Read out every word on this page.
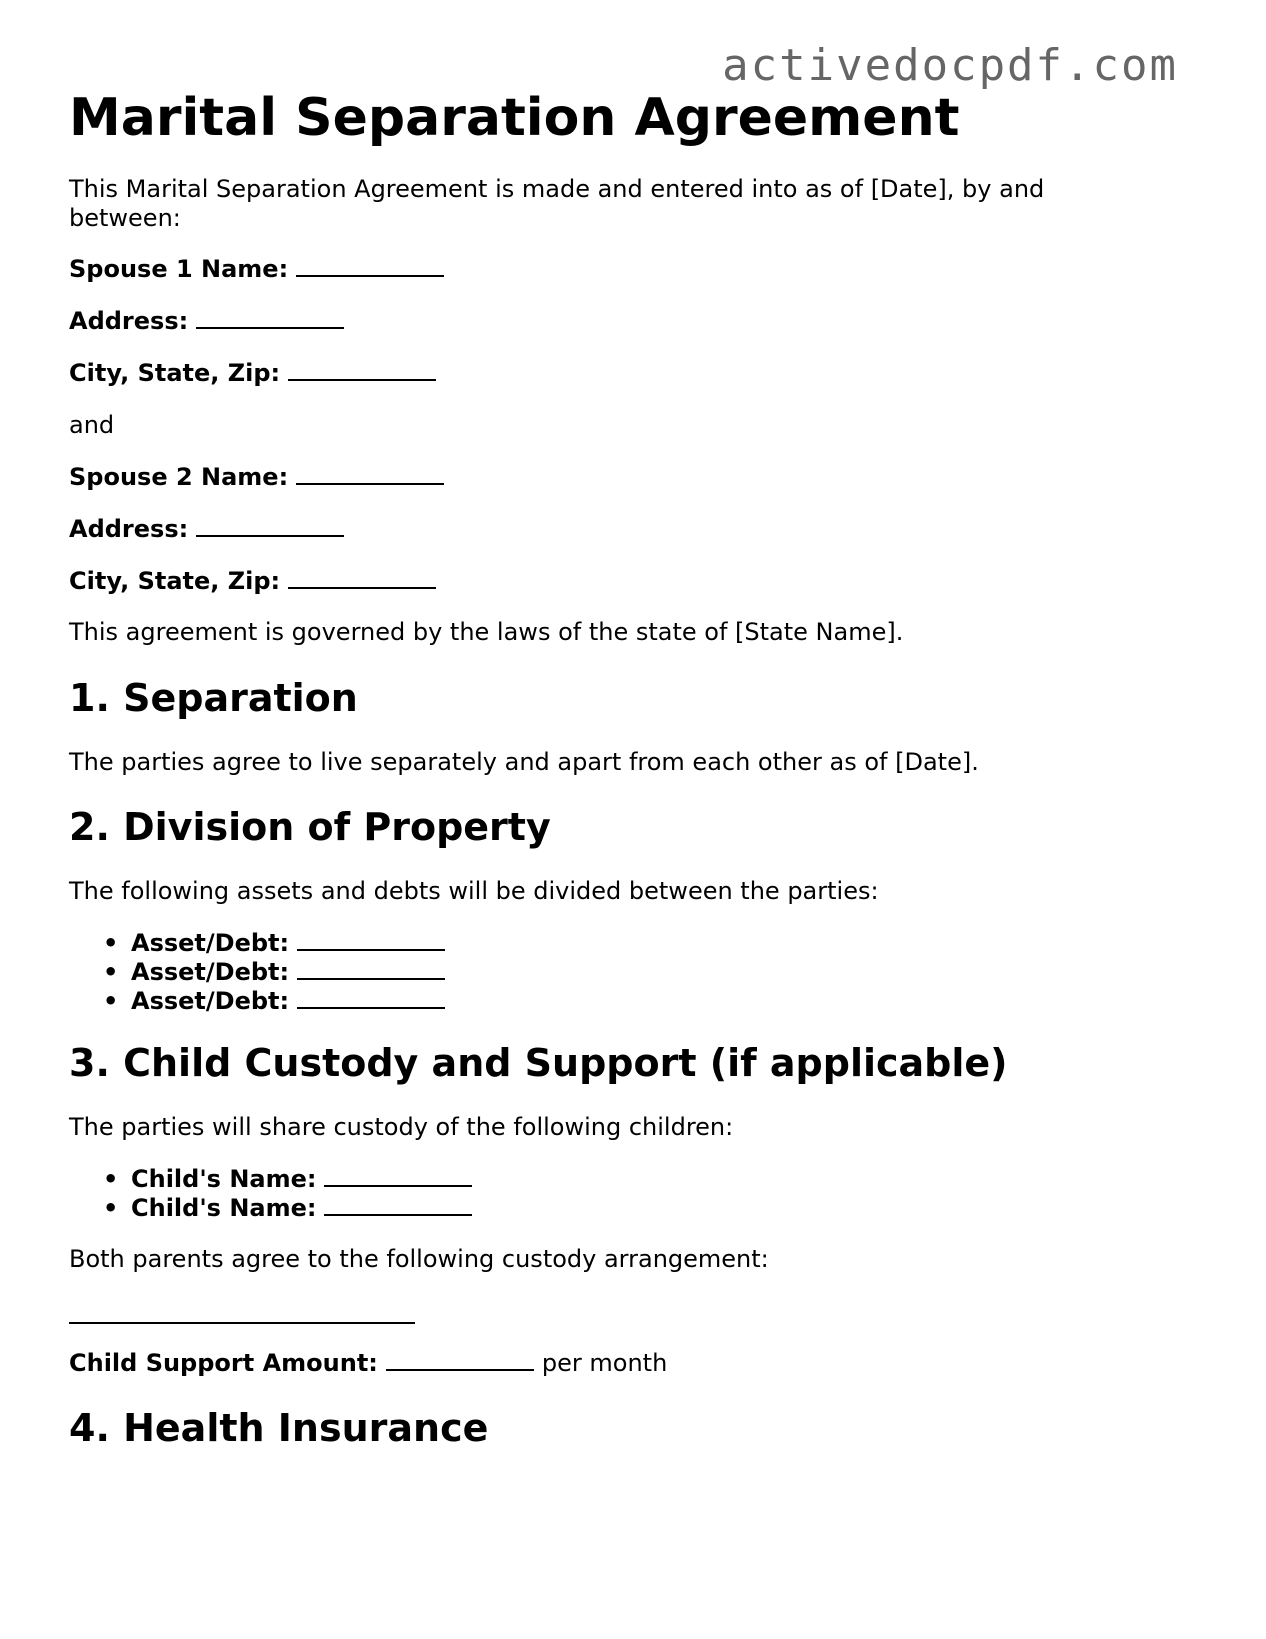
activedocpdf.com
Marital Separation Agreement

This Marital Separation Agreement is made and entered into as of [Date], by and between:

Spouse 1 Name:

Address:

City, State, Zip:

and

Spouse 2 Name:

Address:

City, State, Zip:

This agreement is governed by the laws of the state of [State Name].

1. Separation

The parties agree to live separately and apart from each other as of [Date].

2. Division of Property

The following assets and debts will be divided between the parties:

• Asset/Debt:
• Asset/Debt:
• Asset/Debt:
3. Child Custody and Support (if applicable)

The parties will share custody of the following children:

• Child's Name:
• Child's Name:

Both parents agree to the following custody arrangement:

Child Support Amount:	per month

4. Health Insurance
